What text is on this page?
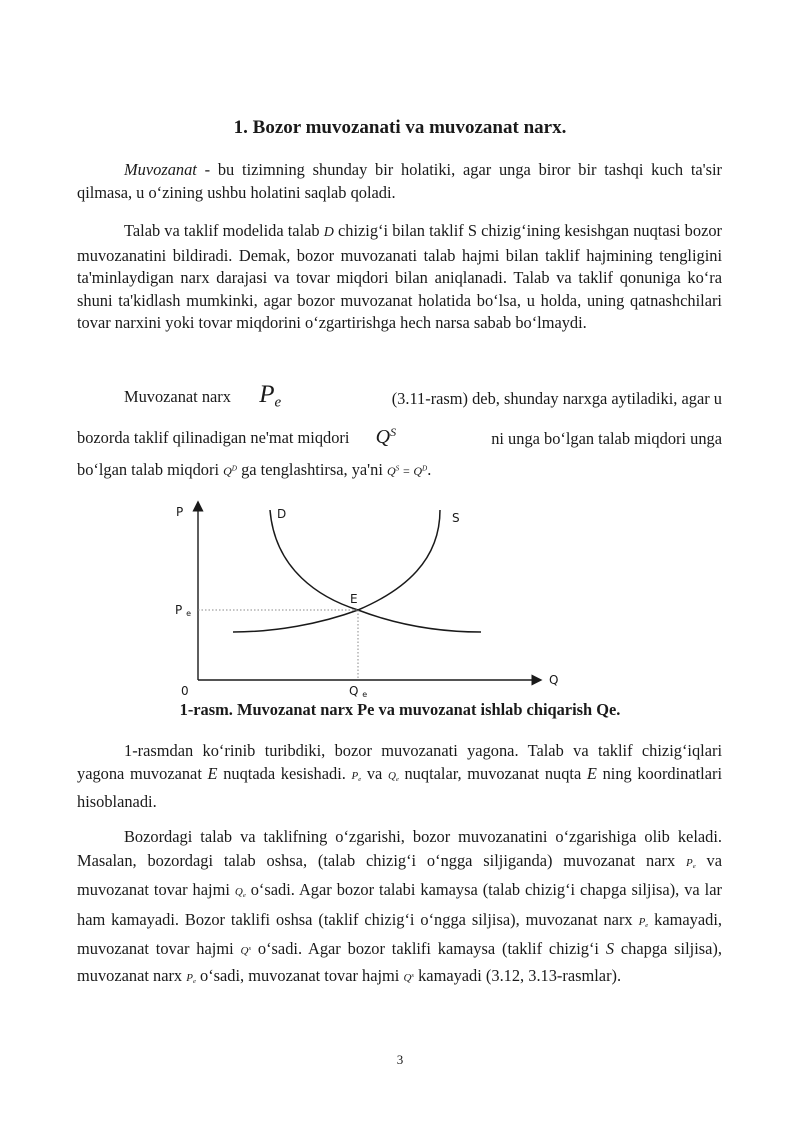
1. Bozor muvozanati va muvozanat narx.

Muvozanat - bu tizimning shunday bir holatiki, agar unga biror bir tashqi kuch ta'sir qilmasa, u o‘zining ushbu holatini saqlab qoladi.

Talab va taklif modelida talab D chizig‘i bilan taklif S chizig‘ining kesishgan nuqtasi bozor muvozanatini bildiradi. Demak, bozor muvozanati talab hajmi bilan taklif hajmining tengligini ta'minlaydigan narx darajasi va tovar miqdori bilan aniqlanadi. Talab va taklif qonuniga ko‘ra shuni ta'kidlash mumkinki, agar bozor muvozanat holatida bo‘lsa, u holda, uning qatnashchilari tovar narxini yoki tovar miqdorini o‘zgartirishga hech narsa sabab bo‘lmaydi.

Muvozanat narx $P_e$	(3.11-rasm) deb, shunday narxga aytiladiki, agar u
bozorda taklif qilinadigan ne'mat miqdori $Q^S$	ni unga bo‘lgan talab miqdori unga
bo‘lgan talab miqdori $Q^D$ ga tenglashtirsa, ya'ni $Q^S = Q^D$.
P
Q
0
D	S
E
P e
Q e
1-rasm. Muvozanat narx Pe va muvozanat ishlab chiqarish Qe.

1-rasmdan ko‘rinib turibdiki, bozor muvozanati yagona. Talab va taklif chizig‘iqlari yagona muvozanat E nuqtada kesishadi. $P_e$ va $Q_e$ nuqtalar, muvozanat nuqta E ning koordinatlari hisoblanadi.

Bozordagi talab va taklifning o‘zgarishi, bozor muvozanatini o‘zgarishiga olib keladi. Masalan, bozordagi talab oshsa, (talab chizig‘i o‘ngga siljiganda) muvozanat narx $P_e$ va muvozanat tovar hajmi $Q_e$ o‘sadi. Agar bozor talabi kamaysa (talab chizig‘i chapga siljisa), va lar ham kamayadi. Bozor taklifi oshsa (taklif chizig‘i o‘ngga siljisa), muvozanat narx $P_e$ kamayadi, muvozanat tovar hajmi $Q^s$ o‘sadi. Agar bozor taklifi kamaysa (taklif chizig‘i S chapga siljisa), muvozanat narx $P_e$ o‘sadi, muvozanat tovar hajmi $Q^s$ kamayadi (3.12, 3.13-rasmlar).

3
